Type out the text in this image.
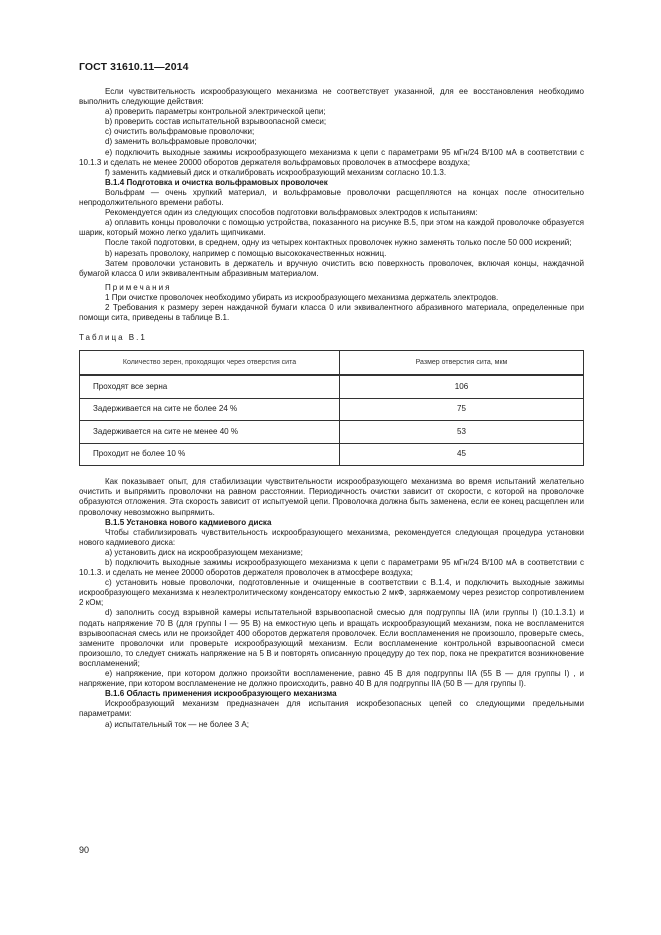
ГОСТ 31610.11—2014

Если чувствительность искрообразующего механизма не соответствует указанной, для ее восстановления необходимо выполнить следующие действия:

a) проверить параметры контрольной электрической цепи;

b) проверить состав испытательной взрывоопасной смеси;

c) очистить вольфрамовые проволочки;

d) заменить вольфрамовые проволочки;

e) подключить выходные зажимы искрообразующего механизма к цепи с параметрами 95 мГн/24 В/100 мА в соответствии с 10.1.3 и сделать не менее 20000 оборотов держателя вольфрамовых проволочек в атмосфере воздуха;

f) заменить кадмиевый диск и откалибровать искрообразующий механизм согласно 10.1.3.

В.1.4 Подготовка и очистка вольфрамовых проволочек

Вольфрам — очень хрупкий материал, и вольфрамовые проволочки расщепляются на концах после относительно непродолжительного времени работы.

Рекомендуется один из следующих способов подготовки вольфрамовых электродов к испытаниям:

a) оплавить концы проволочки с помощью устройства, показанного на рисунке В.5, при этом на каждой проволочке образуется шарик, который можно легко удалить щипчиками.

После такой подготовки, в среднем, одну из четырех контактных проволочек нужно заменять только после 50 000 искрений;

b) нарезать проволоку, например с помощью высококачественных ножниц.

Затем проволочки установить в держатель и вручную очистить всю поверхность проволочек, включая концы, наждачной бумагой класса 0 или эквивалентным абразивным материалом.

Примечания

1 При очистке проволочек необходимо убирать из искрообразующего механизма держатель электродов.

2 Требования к размеру зерен наждачной бумаги класса 0 или эквивалентного абразивного материала, определенные при помощи сита, приведены в таблице В.1.

Таблица В.1

Количество зерен, проходящих через отверстия сита	Размер отверстия сита, мкм
Проходят все зерна	106
Задерживается на сите не более 24 %	75
Задерживается на сите не менее 40 %	53
Проходит не более 10 %	45

Как показывает опыт, для стабилизации чувствительности искрообразующего механизма во время испытаний желательно очистить и выпрямить проволочки на равном расстоянии. Периодичность очистки зависит от скорости, с которой на проволочке образуются отложения. Эта скорость зависит от испытуемой цепи. Проволочка должна быть заменена, если ее конец расщеплен или проволочку невозможно выпрямить.

В.1.5 Установка нового кадмиевого диска

Чтобы стабилизировать чувствительность искрообразующего механизма, рекомендуется следующая процедура установки нового кадмиевого диска:

a) установить диск на искрообразующем механизме;

b) подключить выходные зажимы искрообразующего механизма к цепи с параметрами 95 мГн/24 В/100 мА в соответствии с 10.1.3. и сделать не менее 20000 оборотов держателя проволочек в атмосфере воздуха;

c) установить новые проволочки, подготовленные и очищенные в соответствии с В.1.4, и подключить выходные зажимы искрообразующего механизма к неэлектролитическому конденсатору емкостью 2 мкФ, заряжаемому через резистор сопротивлением 2 кОм;

d) заполнить сосуд взрывной камеры испытательной взрывоопасной смесью для подгруппы IIA (или группы I) (10.1.3.1) и подать напряжение 70 В (для группы I — 95 В) на емкостную цепь и вращать искрообразующий механизм, пока не воспламенится взрывоопасная смесь или не произойдет 400 оборотов держателя проволочек. Если воспламенения не произошло, проверьте смесь, замените проволочки или проверьте искрообразующий механизм. Если воспламенение контрольной взрывоопасной смеси произошло, то следует снижать напряжение на 5 В и повторять описанную процедуру до тех пор, пока не прекратится возникновение воспламенений;

e) напряжение, при котором должно произойти воспламенение, равно 45 В для подгруппы IIA (55 В — для группы I) , и напряжение, при котором воспламенение не должно происходить, равно 40 В для подгруппы IIA (50 В — для группы I).

В.1.6 Область применения искрообразующего механизма

Искрообразующий механизм предназначен для испытания искробезопасных цепей со следующими предельными параметрами:

a) испытательный ток — не более 3 А;

90
